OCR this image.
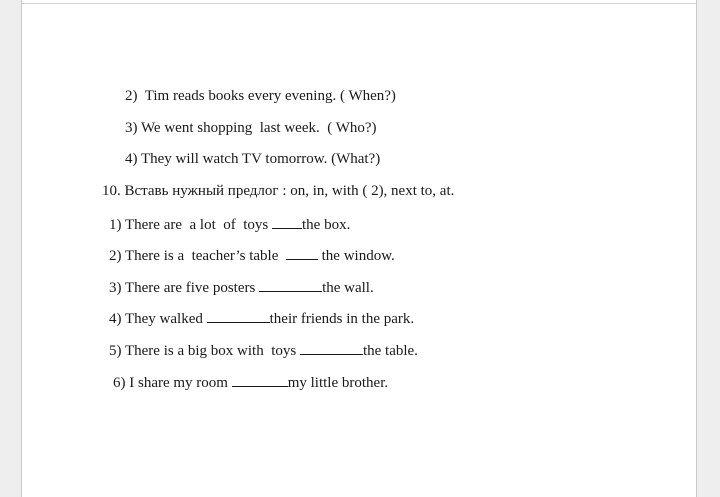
2)  Tim reads books every evening. ( When?)

3) We went shopping  last week.  ( Who?)

4) They will watch TV tomorrow. (What?)

10. Вставь нужный предлог : on, in, with ( 2), next to, at.

1) There are  a lot  of  toys the box.

2) There is a  teacher’s table   the window.

3) There are five posters	the wall.

4) They walked	their friends in the park.

5) There is a big box with  toys	the table.

6) I share my room	my little brother.
